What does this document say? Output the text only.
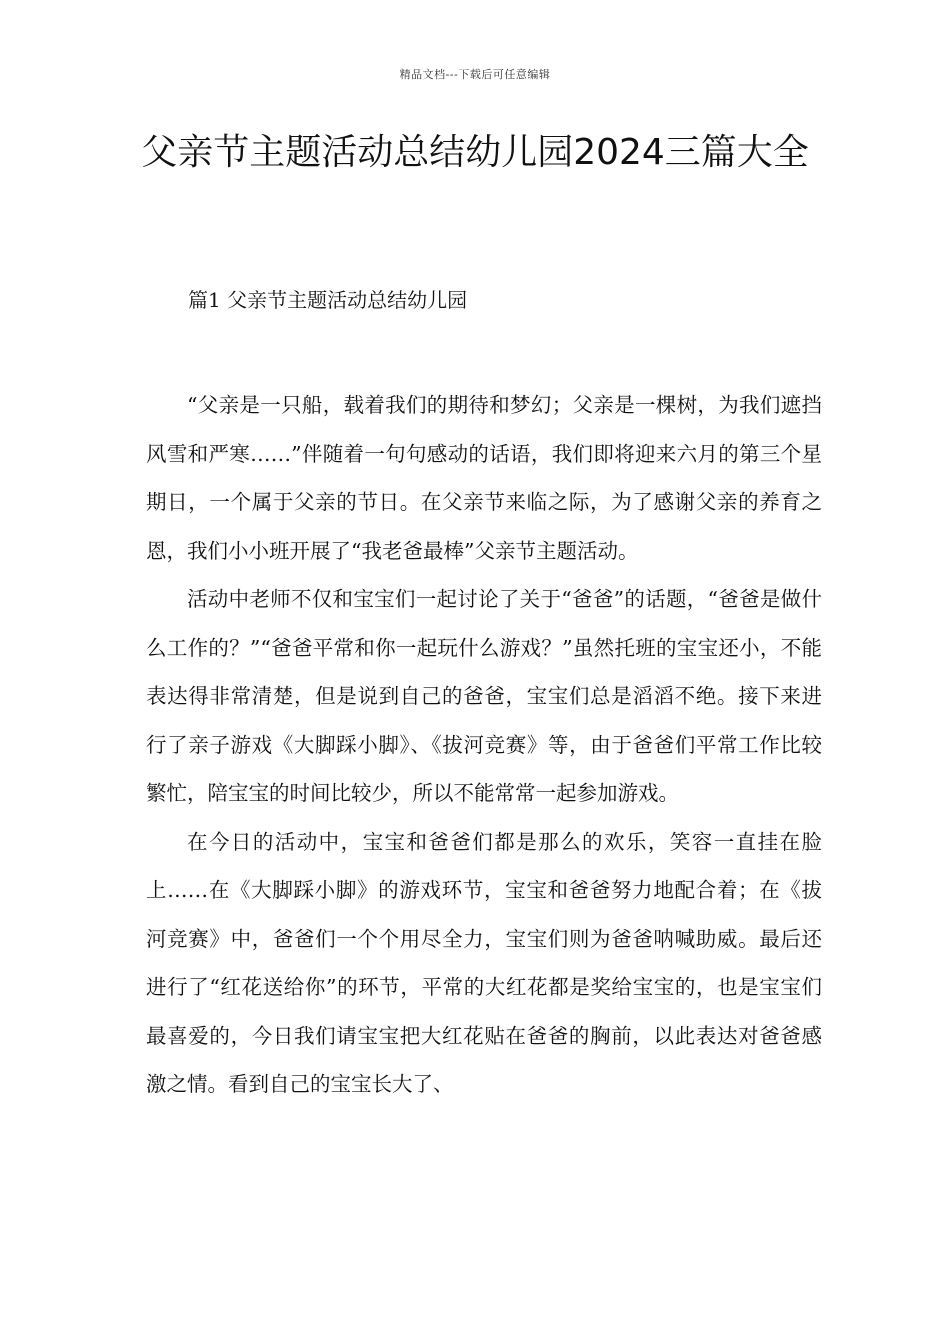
精品文档---下载后可任意编辑
父亲节主题活动总结幼儿园2024三篇大全
篇1 父亲节主题活动总结幼儿园

“父亲是一只船，载着我们的期待和梦幻；父亲是一棵树，为我们遮挡风雪和严寒……”伴随着一句句感动的话语，我们即将迎来六月的第三个星期日，一个属于父亲的节日。在父亲节来临之际，为了感谢父亲的养育之恩，我们小小班开展了“我老爸最棒”父亲节主题活动。

活动中老师不仅和宝宝们一起讨论了关于“爸爸”的话题，“爸爸是做什么工作的？”“爸爸平常和你一起玩什么游戏？”虽然托班的宝宝还小，不能表达得非常清楚，但是说到自己的爸爸，宝宝们总是滔滔不绝。接下来进行了亲子游戏《大脚踩小脚》、《拔河竞赛》等，由于爸爸们平常工作比较繁忙，陪宝宝的时间比较少，所以不能常常一起参加游戏。

在今日的活动中，宝宝和爸爸们都是那么的欢乐，笑容一直挂在脸上……在《大脚踩小脚》的游戏环节，宝宝和爸爸努力地配合着；在《拔河竞赛》中，爸爸们一个个用尽全力，宝宝们则为爸爸呐喊助威。最后还进行了“红花送给你”的环节，平常的大红花都是奖给宝宝的，也是宝宝们最喜爱的，今日我们请宝宝把大红花贴在爸爸的胸前，以此表达对爸爸感激之情。看到自己的宝宝长大了、
